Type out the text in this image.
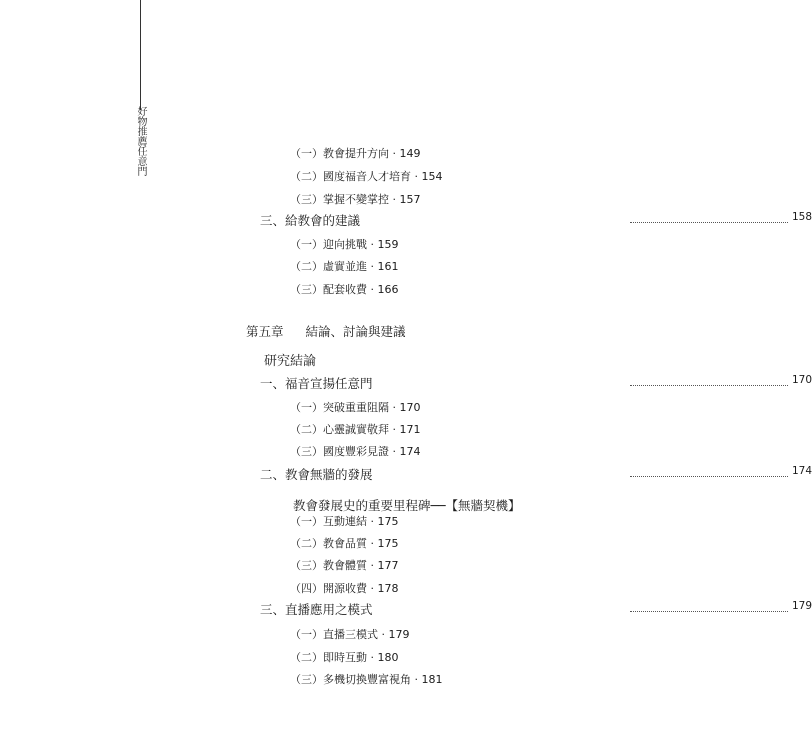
好物推薦任意門	（一）教會提升方向 · 149
（二）國度福音人才培育 · 154
（三）掌握不變掌控 · 157
三、給教會的建議	158
（一）迎向挑戰 · 159
（二）虛實並進 · 161
（三）配套收費 · 166
第五章 結論、討論與建議
研究結論
一、福音宣揚任意門	170
（一）突破重重阻隔 · 170
（二）心靈誠實敬拜 · 171
（三）國度豐彩見證 · 174
二、教會無牆的發展	174
教會發展史的重要里程碑──【無牆契機】
（一）互動連結 · 175
（二）教會品質 · 175
（三）教會體質 · 177
（四）開源收費 · 178
三、直播應用之模式	179
（一）直播三模式 · 179
（二）即時互動 · 180
（三）多機切換豐富視角 · 181
